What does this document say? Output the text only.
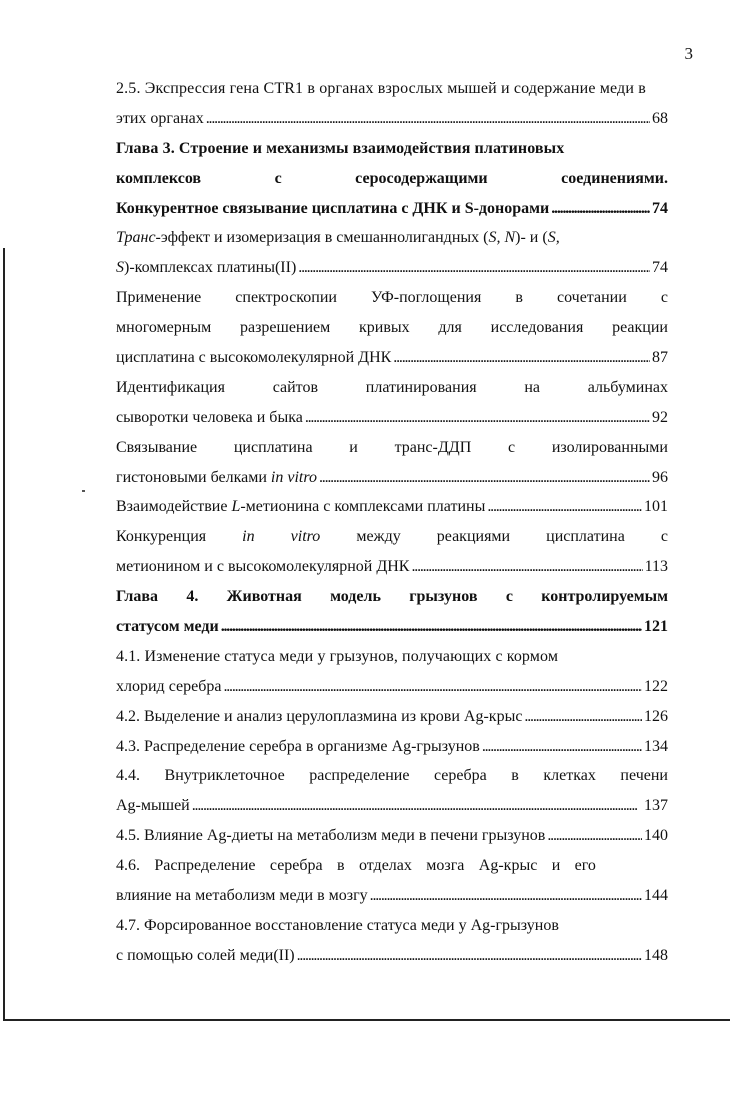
3
2.5. Экспрессия гена CTR1 в органах взрослых мышей и содержание меди в
этих органах . . .	68
Глава 3. Строение и механизмы взаимодействия платиновых
комплексов	с	серосодержащими	соединениями.
Конкурентное связывание цисплатина с ДНК и S-донорами . . .	74
Транс-эффект и изомеризация в смешаннолигандных (S, N)- и (S,
S)-комплексах платины(II) . . .	74
Применение спектроскопии УФ-поглощения в сочетании с
многомерным разрешением кривых для исследования реакции
цисплатина с высокомолекулярной ДНК . . .	87
Идентификация	сайтов	платинирования	на	альбуминах
сыворотки человека и быка . . .	92
Связывание цисплатина и транс-ДДП с изолированными
гистоновыми белками in vitro . . .	96
Взаимодействие L-метионина с комплексами платины . . .	101
Конкуренция in vitro между реакциями цисплатина с
метионином и с высокомолекулярной ДНК . . .	113
Глава 4. Животная модель грызунов с контролируемым
статусом меди . . .	121
4.1. Изменение статуса меди у грызунов, получающих с кормом
хлорид серебра . . .	122
4.2. Выделение и анализ церулоплазмина из крови Ag-крыс . . .	126
4.3. Распределение серебра в организме Ag-грызунов . . .	134
4.4. Внутриклеточное распределение серебра в клетках печени
Ag-мышей . . .	137
4.5. Влияние Ag-диеты на метаболизм меди в печени грызунов . . .	140
4.6. Распределение серебра в отделах мозга Ag-крыс и его
влияние на метаболизм меди в мозгу . . .	144
4.7. Форсированное восстановление статуса меди у Ag-грызунов
с помощью солей меди(II) . . .	148
